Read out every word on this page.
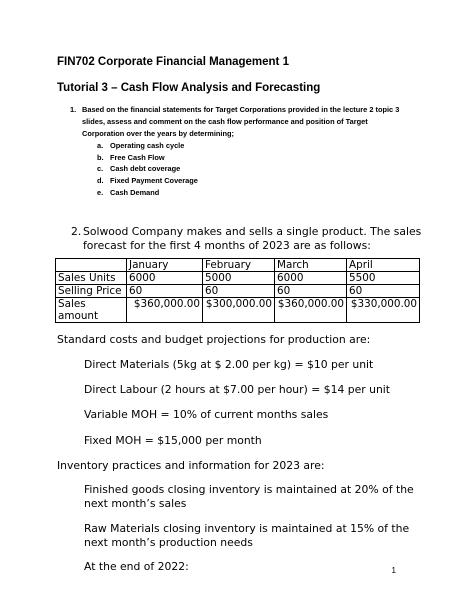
FIN702 Corporate Financial Management 1

Tutorial 3 – Cash Flow Analysis and Forecasting

1. Based on the financial statements for Target Corporations provided in the lecture 2 topic 3 slides, assess and comment on the cash flow performance and position of Target Corporation over the years by determining;
a. Operating cash cycle
b. Free Cash Flow
c. Cash debt coverage
d. Fixed Payment Coverage
e. Cash Demand
2. Solwood Company makes and sells a single product. The sales forecast for the first 4 months of 2023 are as follows:
	January	February	March	April
Sales Units	6000	5000	6000	5500
Selling Price	60	60	60	60
Sales amount	$360,000.00	$300,000.00	$360,000.00	$330,000.00

Standard costs and budget projections for production are:

Direct Materials (5kg at $ 2.00 per kg) = $10 per unit

Direct Labour (2 hours at $7.00 per hour) = $14 per unit

Variable MOH = 10% of current months sales

Fixed MOH = $15,000 per month

Inventory practices and information for 2023 are:

Finished goods closing inventory is maintained at 20% of the next month’s sales

Raw Materials closing inventory is maintained at 15% of the next month’s production needs

At the end of 2022:	1
